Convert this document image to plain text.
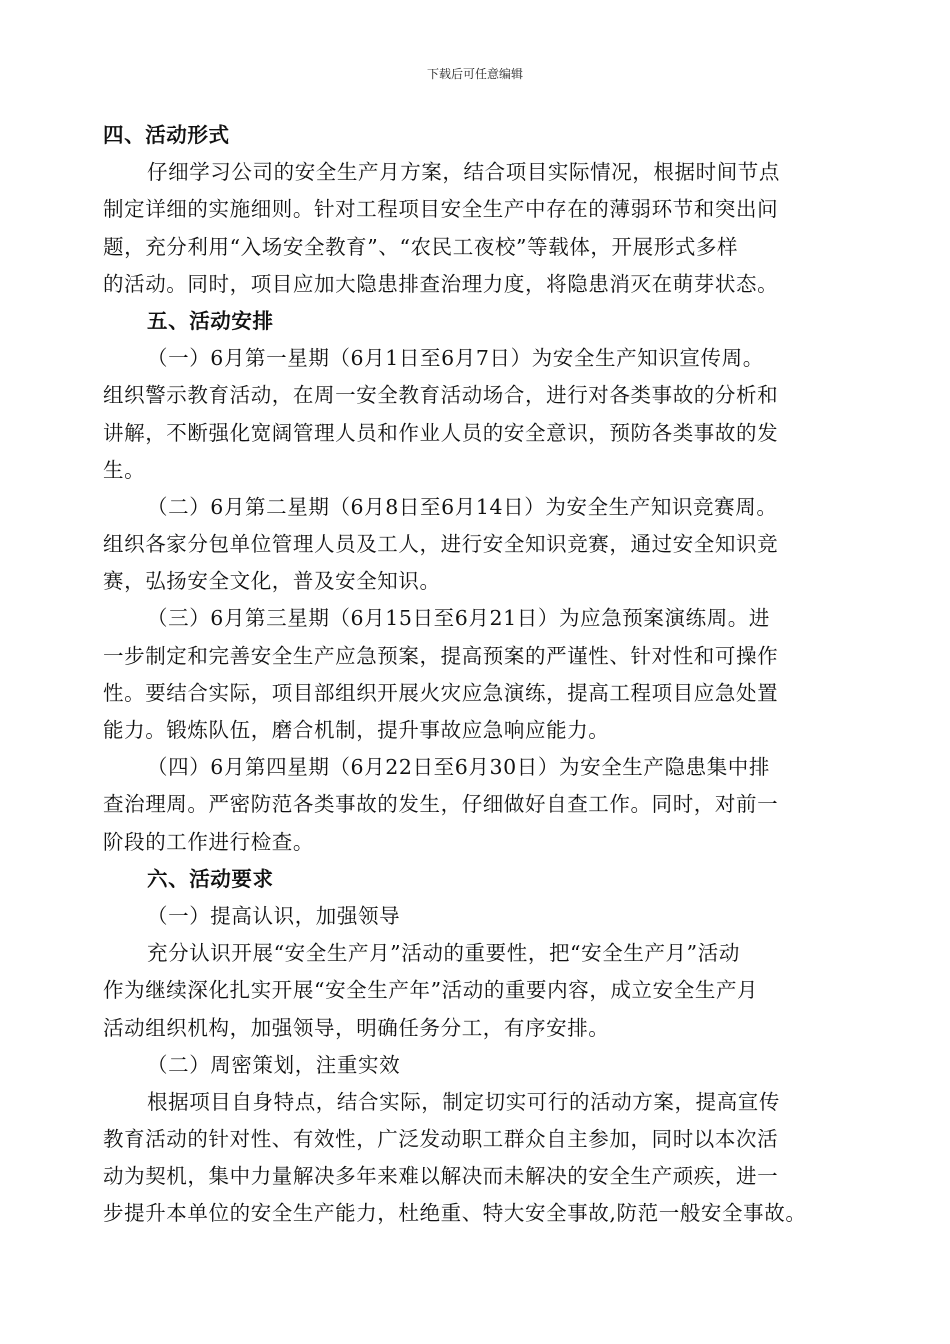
下载后可任意编辑
四、活动形式
仔细学习公司的安全生产月方案，结合项目实际情况，根据时间节点
制定详细的实施细则。针对工程项目安全生产中存在的薄弱环节和突出问
题，充分利用“入场安全教育”、“农民工夜校”等载体，开展形式多样
的活动。同时，项目应加大隐患排查治理力度，将隐患消灭在萌芽状态。
五、活动安排
（一）6月第一星期（6月1日至6月7日）为安全生产知识宣传周。
组织警示教育活动，在周一安全教育活动场合，进行对各类事故的分析和
讲解，不断强化宽阔管理人员和作业人员的安全意识，预防各类事故的发
生。
（二）6月第二星期（6月8日至6月14日）为安全生产知识竞赛周。
组织各家分包单位管理人员及工人，进行安全知识竞赛，通过安全知识竞
赛，弘扬安全文化，普及安全知识。
（三）6月第三星期（6月15日至6月21日）为应急预案演练周。进
一步制定和完善安全生产应急预案，提高预案的严谨性、针对性和可操作
性。要结合实际，项目部组织开展火灾应急演练，提高工程项目应急处置
能力。锻炼队伍，磨合机制，提升事故应急响应能力。
（四）6月第四星期（6月22日至6月30日）为安全生产隐患集中排
查治理周。严密防范各类事故的发生，仔细做好自查工作。同时，对前一
阶段的工作进行检查。
六、活动要求
（一）提高认识，加强领导
充分认识开展“安全生产月”活动的重要性，把“安全生产月”活动
作为继续深化扎实开展“安全生产年”活动的重要内容，成立安全生产月
活动组织机构，加强领导，明确任务分工，有序安排。
（二）周密策划，注重实效
根据项目自身特点，结合实际，制定切实可行的活动方案，提高宣传
教育活动的针对性、有效性，广泛发动职工群众自主参加，同时以本次活
动为契机，集中力量解决多年来难以解决而未解决的安全生产顽疾，进一
步提升本单位的安全生产能力，杜绝重、特大安全事故,防范一般安全事故。
